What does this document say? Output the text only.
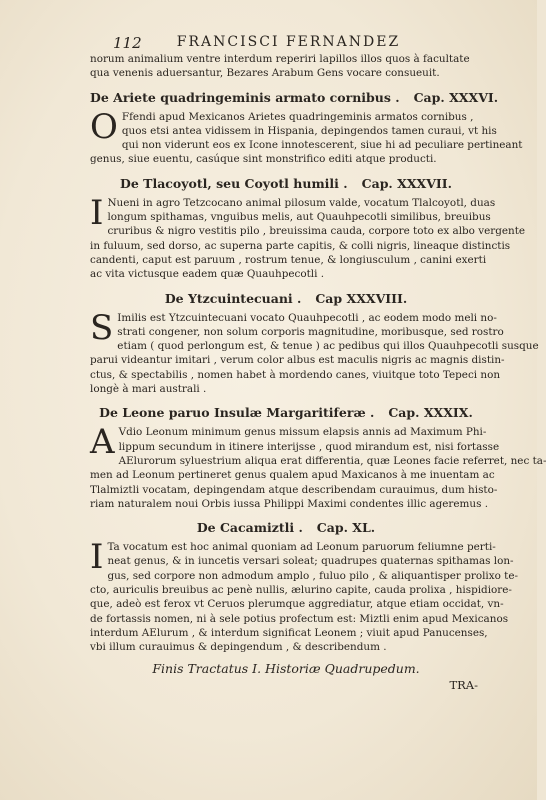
112	FRANCISCI FERNANDEZ

norum animalium ventre interdum reperiri lapillos illos quos à facultate
qua venenis aduersantur, Bezares Arabum Gens vocare consueuit.

De Ariete quadringeminis armato cornibus . Cap. XXXVI.

O Ffendi apud Mexicanos Arietes quadringeminis armatos cornibus ,
quos etsi antea vidissem in Hispania, depingendos tamen curaui, vt his
qui non viderunt eos ex Icone innotescerent, siue hi ad peculiare pertineant
genus, siue euentu, casúque sint monstrifico editi atque producti.

De Tlacoyotl, seu Coyotl humili . Cap. XXXVII.

I Nueni in agro Tetzcocano animal pilosum valde, vocatum Tlalcoyotl, duas
longum spithamas, vnguibus melis, aut Quauhpecotli similibus, breuibus
cruribus & nigro vestitis pilo , breuissima cauda, corpore toto ex albo vergente
in fuluum, sed dorso, ac superna parte capitis, & colli nigris, lineaque distinctis
candenti, caput est paruum , rostrum tenue, & longiusculum , canini exerti
ac vita victusque eadem quæ Quauhpecotli .

De Ytzcuintecuani . Cap XXXVIII.

S Imilis est Ytzcuintecuani vocato Quauhpecotli , ac eodem modo meli no-
strati congener, non solum corporis magnitudine, moribusque, sed rostro
etiam ( quod perlongum est, & tenue ) ac pedibus qui illos Quauhpecotli susque
parui videantur imitari , verum color albus est maculis nigris ac magnis distin-
ctus, & spectabilis , nomen habet à mordendo canes, viuitque toto Tepeci non
longè à mari australi .

De Leone paruo Insulæ Margaritiferæ . Cap. XXXIX.

A Vdio Leonum minimum genus missum elapsis annis ad Maximum Phi-
lippum secundum in itinere interijsse , quod mirandum est, nisi fortasse
AElurorum syluestrium aliqua erat differentia, quæ Leones facie referret, nec ta-
men ad Leonum pertineret genus qualem apud Maxicanos à me inuentam ac
Tlalmiztli vocatam, depingendam atque describendam curauimus, dum histo-
riam naturalem noui Orbis iussa Philippi Maximi condentes illic ageremus .

De Cacamiztli . Cap. XL.

I Ta vocatum est hoc animal quoniam ad Leonum paruorum feliumne perti-
neat genus, & in iuncetis versari soleat; quadrupes quaternas spithamas lon-
gus, sed corpore non admodum amplo , fuluo pilo , & aliquantisper prolixo te-
cto, auriculis breuibus ac penè nullis, ælurino capite, cauda prolixa , hispidiore-
que, adeò est ferox vt Ceruos plerumque aggrediatur, atque etiam occidat, vn-
de fortassis nomen, ni à sele potius profectum est: Miztli enim apud Mexicanos
interdum AElurum , & interdum significat Leonem ; viuit apud Panucenses,
vbi illum curauimus & depingendum , & describendum .

Finis Tractatus I. Historiæ Quadrupedum.
TRA-
